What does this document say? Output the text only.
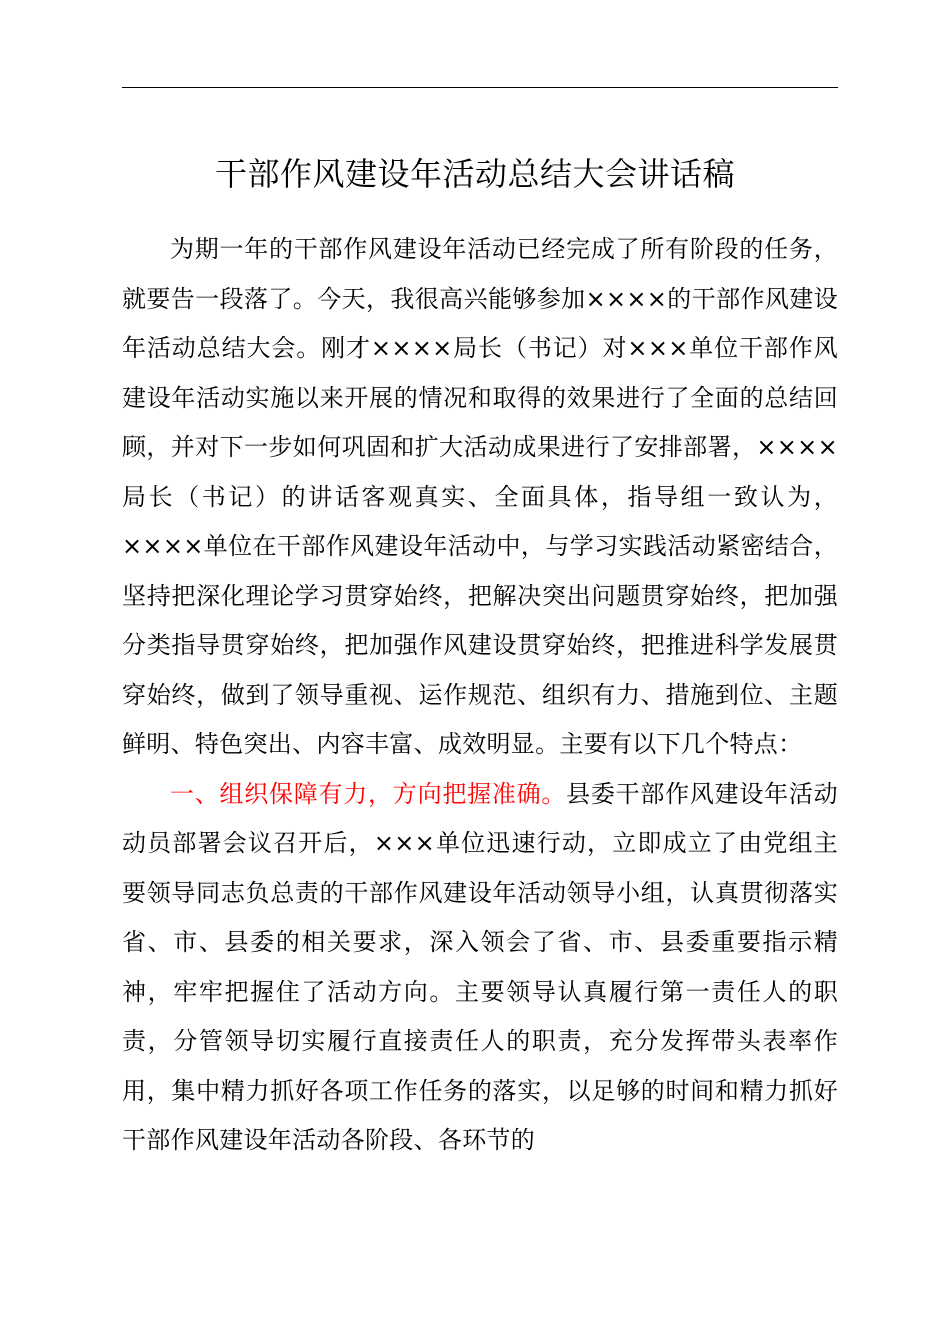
干部作风建设年活动总结大会讲话稿

为期一年的干部作风建设年活动已经完成了所有阶段的任务，就要告一段落了。今天，我很高兴能够参加××××的干部作风建设年活动总结大会。刚才××××局长（书记）对×××单位干部作风建设年活动实施以来开展的情况和取得的效果进行了全面的总结回顾，并对下一步如何巩固和扩大活动成果进行了安排部署，××××局长（书记）的讲话客观真实、全面具体，指导组一致认为，××××单位在干部作风建设年活动中，与学习实践活动紧密结合，坚持把深化理论学习贯穿始终，把解决突出问题贯穿始终，把加强分类指导贯穿始终，把加强作风建设贯穿始终，把推进科学发展贯穿始终，做到了领导重视、运作规范、组织有力、措施到位、主题鲜明、特色突出、内容丰富、成效明显。主要有以下几个特点：

一、组织保障有力，方向把握准确。县委干部作风建设年活动动员部署会议召开后，×××单位迅速行动，立即成立了由党组主要领导同志负总责的干部作风建设年活动领导小组，认真贯彻落实省、市、县委的相关要求，深入领会了省、市、县委重要指示精神，牢牢把握住了活动方向。主要领导认真履行第一责任人的职责，分管领导切实履行直接责任人的职责，充分发挥带头表率作用，集中精力抓好各项工作任务的落实，以足够的时间和精力抓好干部作风建设年活动各阶段、各环节的
